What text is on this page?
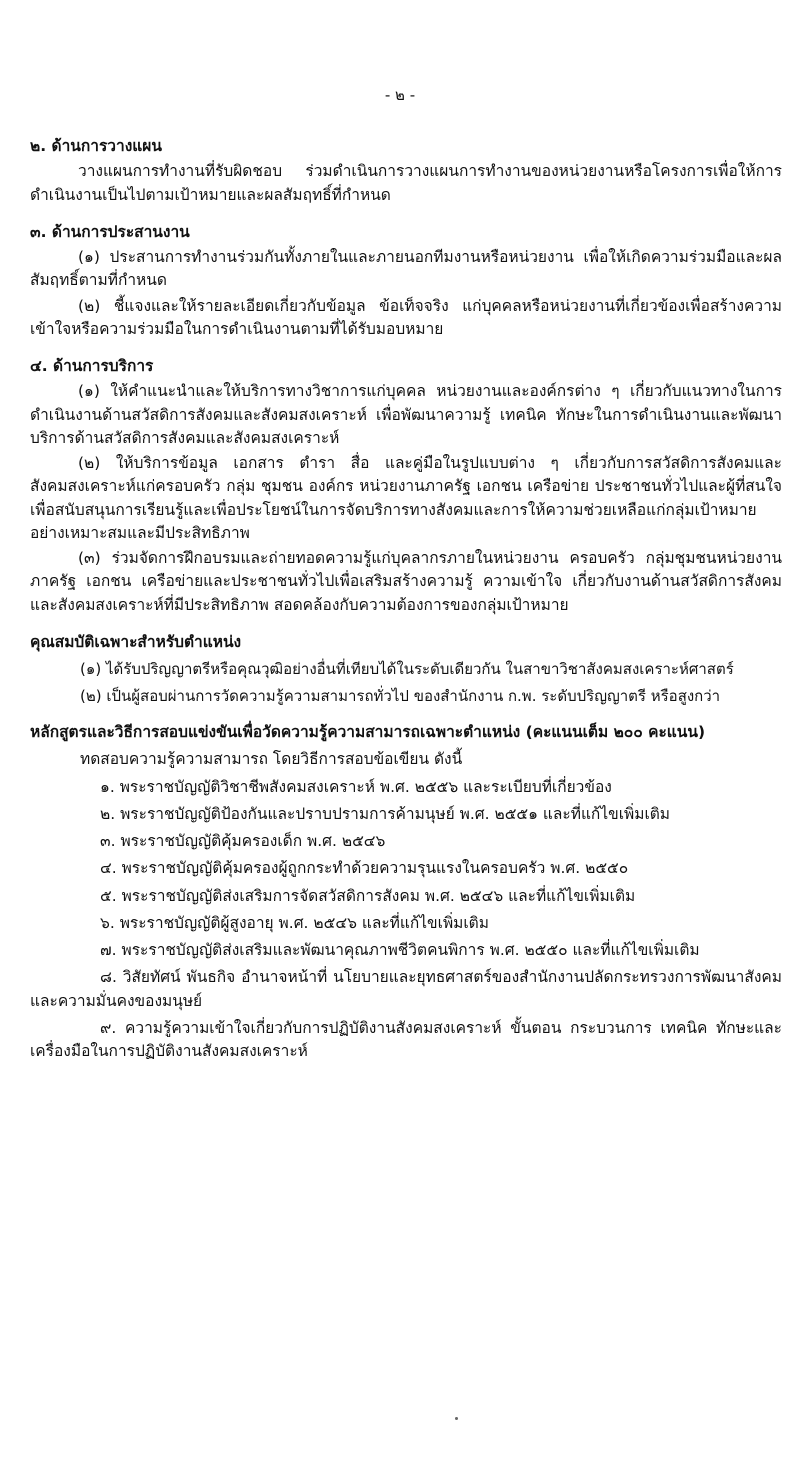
- ๒ -

๒. ด้านการวางแผน

วางแผนการทำงานที่รับผิดชอบ ร่วมดำเนินการวางแผนการทำงานของหน่วยงานหรือโครงการเพื่อให้การดำเนินงานเป็นไปตามเป้าหมายและผลสัมฤทธิ์ที่กำหนด

๓. ด้านการประสานงาน

(๑) ประสานการทำงานร่วมกันทั้งภายในและภายนอกทีมงานหรือหน่วยงาน เพื่อให้เกิดความร่วมมือและผลสัมฤทธิ์ตามที่กำหนด

(๒) ชี้แจงและให้รายละเอียดเกี่ยวกับข้อมูล ข้อเท็จจริง แก่บุคคลหรือหน่วยงานที่เกี่ยวข้องเพื่อสร้างความเข้าใจหรือความร่วมมือในการดำเนินงานตามที่ได้รับมอบหมาย

๔. ด้านการบริการ

(๑) ให้คำแนะนำและให้บริการทางวิชาการแก่บุคคล หน่วยงานและองค์กรต่าง ๆ เกี่ยวกับแนวทางในการดำเนินงานด้านสวัสดิการสังคมและสังคมสงเคราะห์ เพื่อพัฒนาความรู้ เทคนิค ทักษะในการดำเนินงานและพัฒนาบริการด้านสวัสดิการสังคมและสังคมสงเคราะห์

(๒) ให้บริการข้อมูล เอกสาร ตำรา สื่อ และคู่มือในรูปแบบต่าง ๆ เกี่ยวกับการสวัสดิการสังคมและสังคมสงเคราะห์แก่ครอบครัว กลุ่ม ชุมชน องค์กร หน่วยงานภาครัฐ เอกชน เครือข่าย ประชาชนทั่วไปและผู้ที่สนใจ เพื่อสนับสนุนการเรียนรู้และเพื่อประโยชน์ในการจัดบริการทางสังคมและการให้ความช่วยเหลือแก่กลุ่มเป้าหมายอย่างเหมาะสมและมีประสิทธิภาพ

(๓) ร่วมจัดการฝึกอบรมและถ่ายทอดความรู้แก่บุคลากรภายในหน่วยงาน ครอบครัว กลุ่มชุมชนหน่วยงานภาครัฐ เอกชน เครือข่ายและประชาชนทั่วไปเพื่อเสริมสร้างความรู้ ความเข้าใจ เกี่ยวกับงานด้านสวัสดิการสังคมและสังคมสงเคราะห์ที่มีประสิทธิภาพ สอดคล้องกับความต้องการของกลุ่มเป้าหมาย

คุณสมบัติเฉพาะสำหรับตำแหน่ง

(๑) ได้รับปริญญาตรีหรือคุณวุฒิอย่างอื่นที่เทียบได้ในระดับเดียวกัน ในสาขาวิชาสังคมสงเคราะห์ศาสตร์

(๒) เป็นผู้สอบผ่านการวัดความรู้ความสามารถทั่วไป ของสำนักงาน ก.พ. ระดับปริญญาตรี หรือสูงกว่า

หลักสูตรและวิธีการสอบแข่งขันเพื่อวัดความรู้ความสามารถเฉพาะตำแหน่ง (คะแนนเต็ม ๒๐๐ คะแนน)

ทดสอบความรู้ความสามารถ โดยวิธีการสอบข้อเขียน ดังนี้

๑. พระราชบัญญัติวิชาชีพสังคมสงเคราะห์ พ.ศ. ๒๕๕๖ และระเบียบที่เกี่ยวข้อง

๒. พระราชบัญญัติป้องกันและปราบปรามการค้ามนุษย์ พ.ศ. ๒๕๕๑ และที่แก้ไขเพิ่มเติม

๓. พระราชบัญญัติคุ้มครองเด็ก พ.ศ. ๒๕๔๖

๔. พระราชบัญญัติคุ้มครองผู้ถูกกระทำด้วยความรุนแรงในครอบครัว พ.ศ. ๒๕๕๐

๕. พระราชบัญญัติส่งเสริมการจัดสวัสดิการสังคม พ.ศ. ๒๕๔๖ และที่แก้ไขเพิ่มเติม

๖. พระราชบัญญัติผู้สูงอายุ พ.ศ. ๒๕๔๖ และที่แก้ไขเพิ่มเติม

๗. พระราชบัญญัติส่งเสริมและพัฒนาคุณภาพชีวิตคนพิการ พ.ศ. ๒๕๕๐ และที่แก้ไขเพิ่มเติม

๘. วิสัยทัศน์ พันธกิจ อำนาจหน้าที่ นโยบายและยุทธศาสตร์ของสำนักงานปลัดกระทรวงการพัฒนาสังคมและความมั่นคงของมนุษย์

๙. ความรู้ความเข้าใจเกี่ยวกับการปฏิบัติงานสังคมสงเคราะห์ ขั้นตอน กระบวนการ เทคนิค ทักษะและเครื่องมือในการปฏิบัติงานสังคมสงเคราะห์
